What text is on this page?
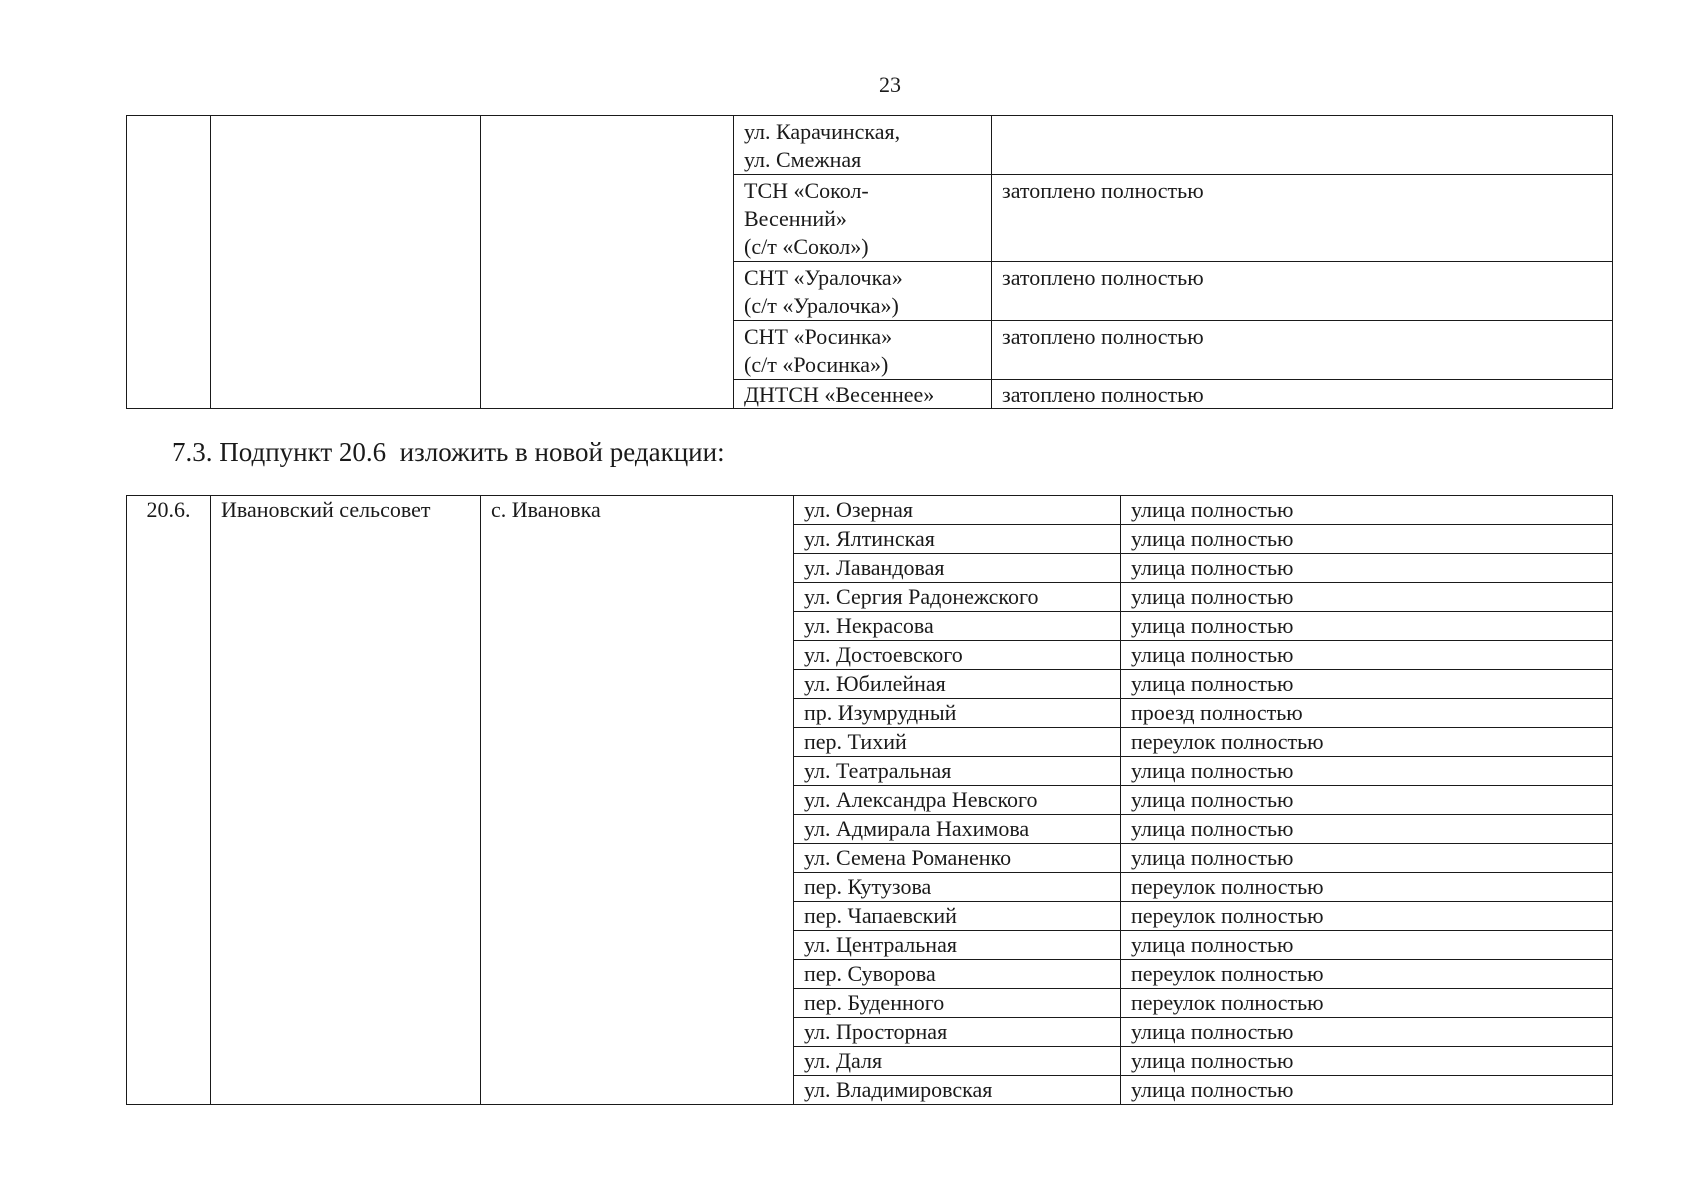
23
			ул. Карачинская,
ул. Смежная	
			ТСН «Сокол-
Весенний»
(с/т «Сокол»)	затоплено полностью
			СНТ «Уралочка»
(с/т «Уралочка»)	затоплено полностью
			СНТ «Росинка»
(с/т «Росинка»)	затоплено полностью
			ДНТСН «Весеннее»	затоплено полностью
7.3. Подпункт 20.6  изложить в новой редакции:
20.6.	Ивановский сельсовет	с. Ивановка	ул. Озерная	улица полностью
			ул. Ялтинская	улица полностью
			ул. Лавандовая	улица полностью
			ул. Сергия Радонежского	улица полностью
			ул. Некрасова	улица полностью
			ул. Достоевского	улица полностью
			ул. Юбилейная	улица полностью
			пр. Изумрудный	проезд полностью
			пер. Тихий	переулок полностью
			ул. Театральная	улица полностью
			ул. Александра Невского	улица полностью
			ул. Адмирала Нахимова	улица полностью
			ул. Семена Романенко	улица полностью
			пер. Кутузова	переулок полностью
			пер. Чапаевский	переулок полностью
			ул. Центральная	улица полностью
			пер. Суворова	переулок полностью
			пер. Буденного	переулок полностью
			ул. Просторная	улица полностью
			ул. Даля	улица полностью
			ул. Владимировская	улица полностью
